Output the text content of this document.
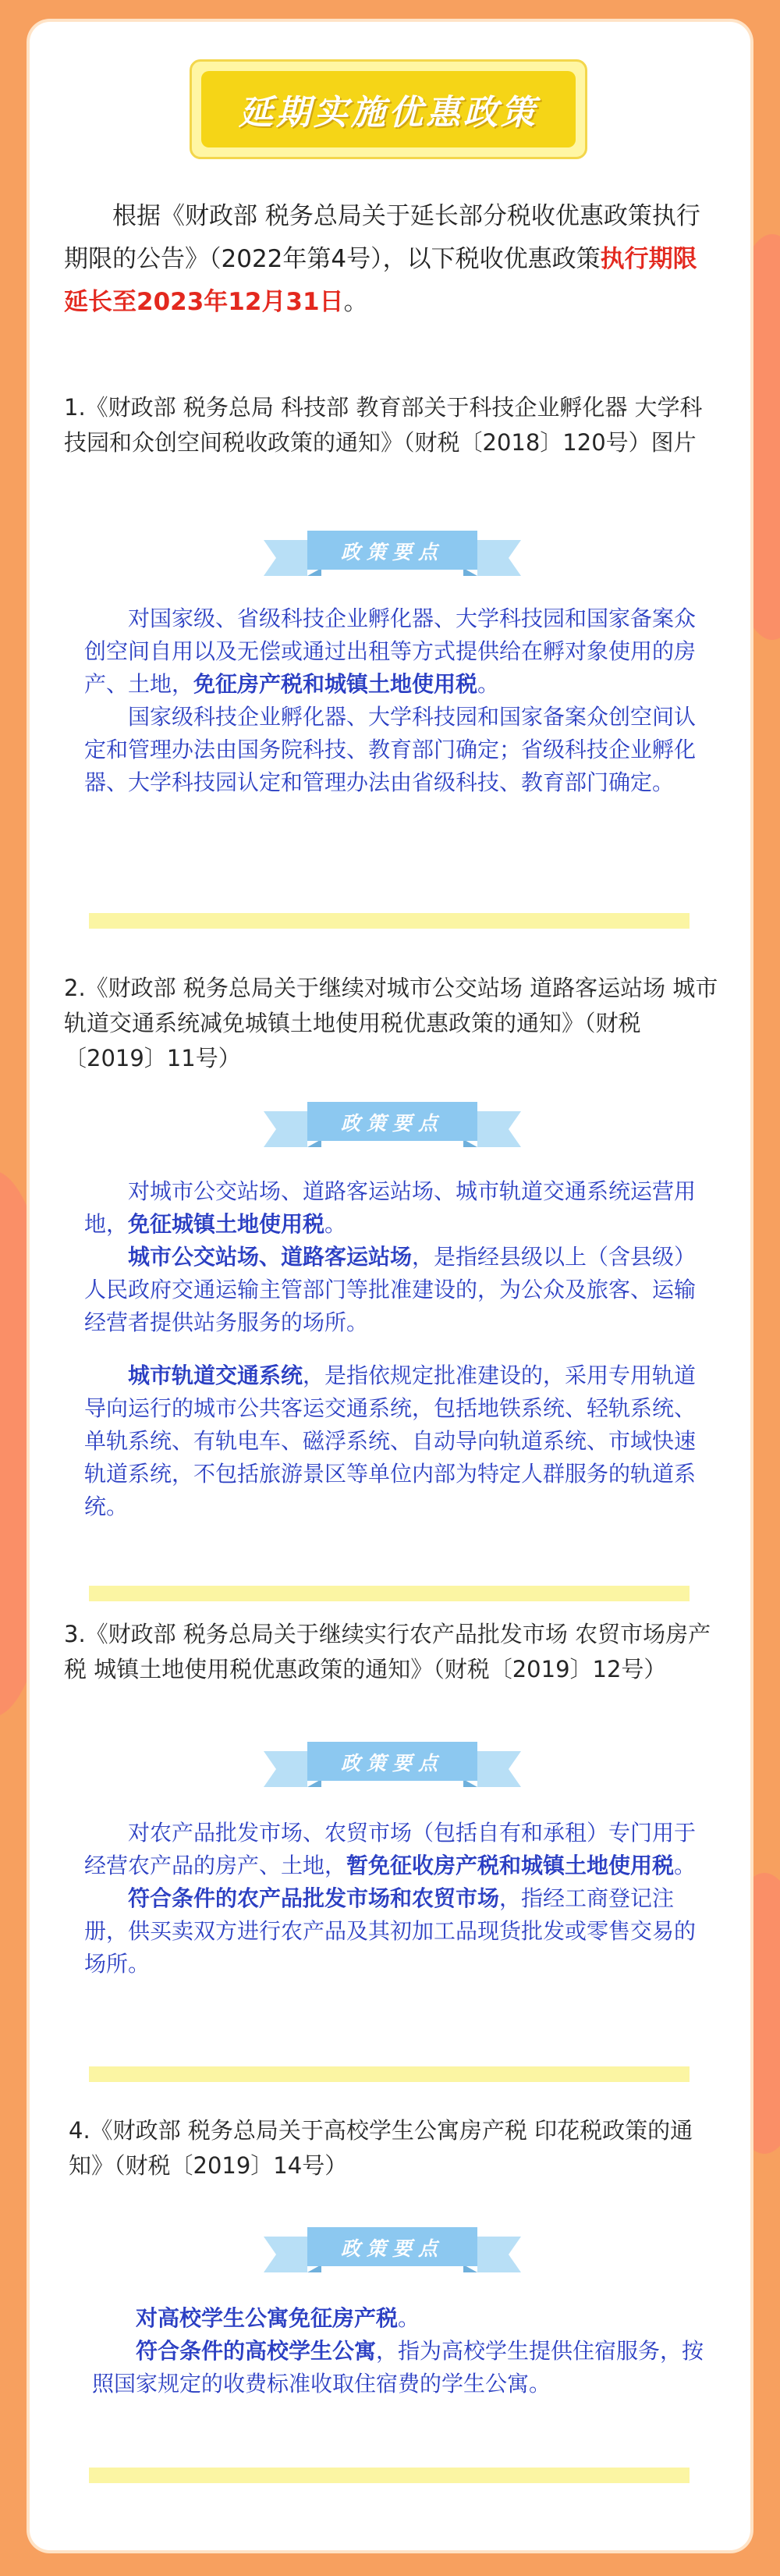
延期实施优惠政策

根据《财政部 税务总局关于延长部分税收优惠政策执行期限的公告》（2022年第4号），以下税收优惠政策执行期限延长至2023年12月31日。

1.《财政部 税务总局 科技部 教育部关于科技企业孵化器 大学科技园和众创空间税收政策的通知》（财税〔2018〕120号）图片

政策要点

对国家级、省级科技企业孵化器、大学科技园和国家备案众创空间自用以及无偿或通过出租等方式提供给在孵对象使用的房产、土地，免征房产税和城镇土地使用税。

国家级科技企业孵化器、大学科技园和国家备案众创空间认定和管理办法由国务院科技、教育部门确定；省级科技企业孵化器、大学科技园认定和管理办法由省级科技、教育部门确定。

2.《财政部 税务总局关于继续对城市公交站场 道路客运站场 城市轨道交通系统减免城镇土地使用税优惠政策的通知》（财税〔2019〕11号）

政策要点

对城市公交站场、道路客运站场、城市轨道交通系统运营用地，免征城镇土地使用税。

城市公交站场、道路客运站场，是指经县级以上（含县级）人民政府交通运输主管部门等批准建设的，为公众及旅客、运输经营者提供站务服务的场所。

城市轨道交通系统，是指依规定批准建设的，采用专用轨道导向运行的城市公共客运交通系统，包括地铁系统、轻轨系统、单轨系统、有轨电车、磁浮系统、自动导向轨道系统、市域快速轨道系统，不包括旅游景区等单位内部为特定人群服务的轨道系统。

3.《财政部 税务总局关于继续实行农产品批发市场 农贸市场房产税 城镇土地使用税优惠政策的通知》（财税〔2019〕12号）

政策要点

对农产品批发市场、农贸市场（包括自有和承租）专门用于经营农产品的房产、土地，暂免征收房产税和城镇土地使用税。

符合条件的农产品批发市场和农贸市场，指经工商登记注册，供买卖双方进行农产品及其初加工品现货批发或零售交易的场所。

4.《财政部 税务总局关于高校学生公寓房产税 印花税政策的通知》（财税〔2019〕14号）

政策要点

对高校学生公寓免征房产税。

符合条件的高校学生公寓，指为高校学生提供住宿服务，按照国家规定的收费标准收取住宿费的学生公寓。
